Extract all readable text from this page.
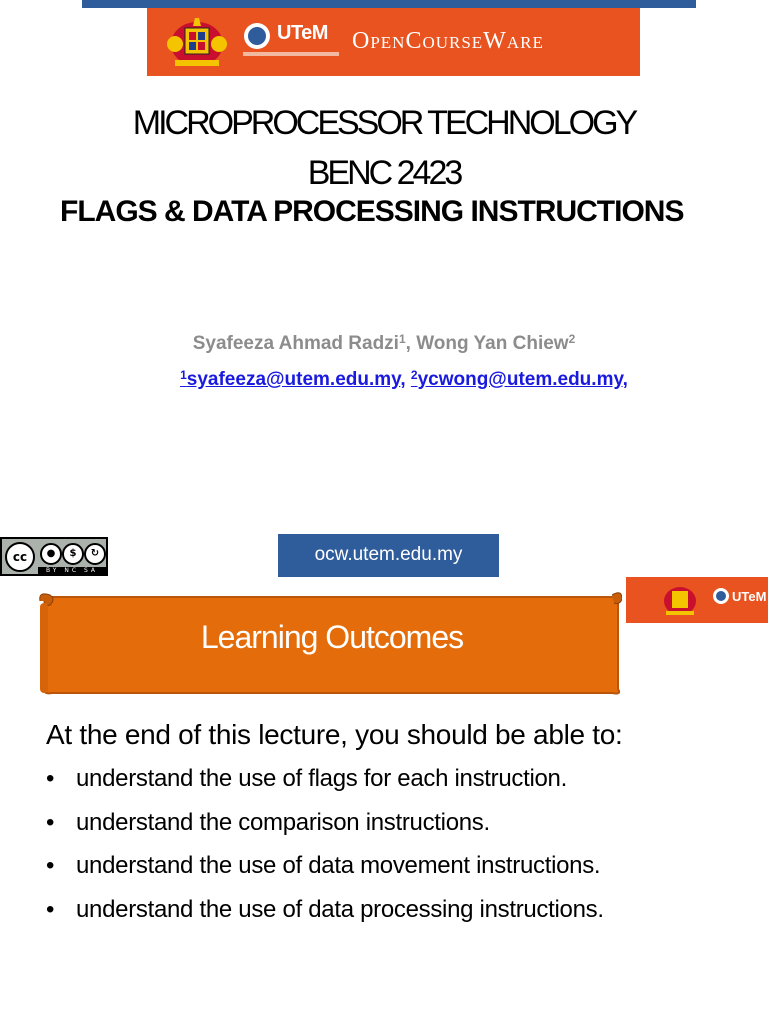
UTeM OpenCourseWare
MICROPROCESSOR TECHNOLOGY
BENC 2423
FLAGS & DATA PROCESSING INSTRUCTIONS
Syafeeza Ahmad Radzi$^1$, Wong Yan Chiew$^2$
$^1$syafeeza@utem.edu.my, $^2$ycwong@utem.edu.my,
cc	●	$	↻
BY NC SA
ocw.utem.edu.my
UTeM
Learning Outcomes
At the end of this lecture, you should be able to:
• understand the use of flags for each instruction.
• understand the comparison instructions.
• understand the use of data movement instructions.
• understand the use of data processing instructions.
